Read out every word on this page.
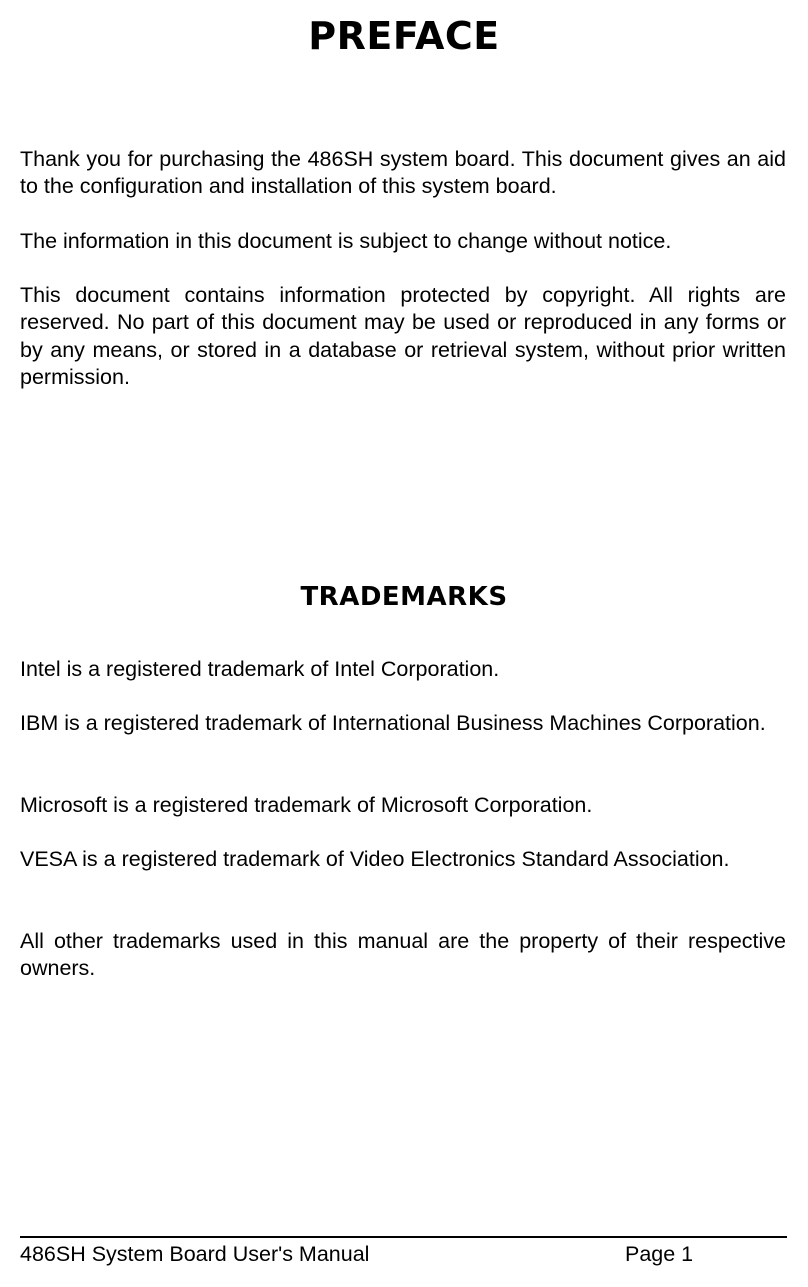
PREFACE

Thank you for purchasing the 486SH system board. This document gives an aid to the configuration and installation of this system board.

The information in this document is subject to change without notice.

This document contains information protected by copyright. All rights are reserved. No part of this document may be used or reproduced in any forms or by any means, or stored in a database or retrieval system, without prior written permission.

TRADEMARKS

Intel is a registered trademark of Intel Corporation.

IBM is a registered trademark of International Business Machines Corporation.

Microsoft is a registered trademark of Microsoft Corporation.

VESA is a registered trademark of Video Electronics Standard Association.

All other trademarks used in this manual are the property of their respective owners.

486SH System Board User's Manual	Page 1
